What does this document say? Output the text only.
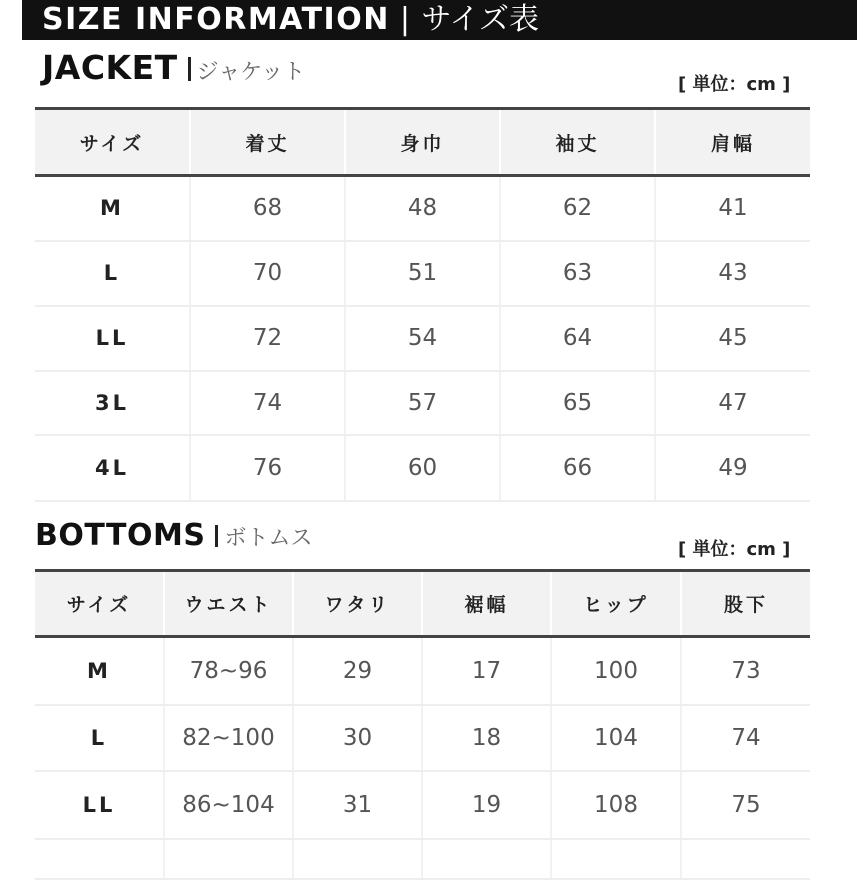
SIZE INFORMATION | サイズ表
JACKET ジャケット	[ 単位：cm ]
サイズ	着丈	身巾	袖丈	肩幅
M	68	48	62	41
L	70	51	63	43
LL	72	54	64	45
3L	74	57	65	47
4L	76	60	66	49
BOTTOMS ボトムス	[ 単位：cm ]
サイズ	ウエスト	ワタリ	裾幅	ヒップ	股下
M	78~96	29	17	100	73
L	82~100	30	18	104	74
LL	86~104	31	19	108	75
